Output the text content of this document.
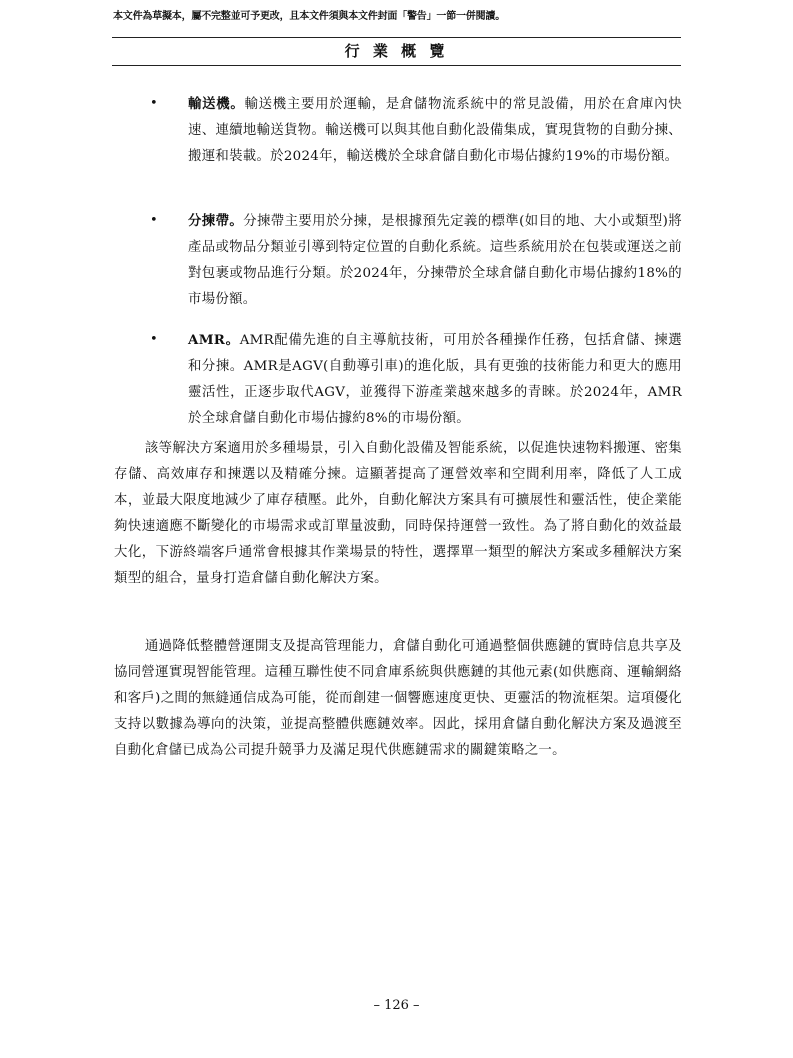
本文件為草擬本，屬不完整並可予更改，且本文件須與本文件封面「警告」一節一併閱讀。
行 業 概 覽
• 輸送機。輸送機主要用於運輸，是倉儲物流系統中的常見設備，用於在倉庫內快速、連續地輸送貨物。輸送機可以與其他自動化設備集成，實現貨物的自動分揀、搬運和裝載。於2024年，輸送機於全球倉儲自動化市場佔據約19%的市場份額。
• 分揀帶。分揀帶主要用於分揀，是根據預先定義的標準(如目的地、大小或類型)將產品或物品分類並引導到特定位置的自動化系統。這些系統用於在包裝或運送之前對包裹或物品進行分類。於2024年，分揀帶於全球倉儲自動化市場佔據約18%的市場份額。
• AMR。AMR配備先進的自主導航技術，可用於各種操作任務，包括倉儲、揀選和分揀。AMR是AGV(自動導引車)的進化版，具有更強的技術能力和更大的應用靈活性，正逐步取代AGV，並獲得下游產業越來越多的青睞。於2024年，AMR於全球倉儲自動化市場佔據約8%的市場份額。

該等解決方案適用於多種場景，引入自動化設備及智能系統，以促進快速物料搬運、密集存儲、高效庫存和揀選以及精確分揀。這顯著提高了運營效率和空間利用率，降低了人工成本，並最大限度地減少了庫存積壓。此外，自動化解決方案具有可擴展性和靈活性，使企業能夠快速適應不斷變化的市場需求或訂單量波動，同時保持運營一致性。為了將自動化的效益最大化，下游終端客戶通常會根據其作業場景的特性，選擇單一類型的解決方案或多種解決方案類型的組合，量身打造倉儲自動化解決方案。

通過降低整體營運開支及提高管理能力，倉儲自動化可通過整個供應鏈的實時信息共享及協同營運實現智能管理。這種互聯性使不同倉庫系統與供應鏈的其他元素(如供應商、運輸網絡和客戶)之間的無縫通信成為可能，從而創建一個響應速度更快、更靈活的物流框架。這項優化支持以數據為導向的決策，並提高整體供應鏈效率。因此，採用倉儲自動化解決方案及過渡至自動化倉儲已成為公司提升競爭力及滿足現代供應鏈需求的關鍵策略之一。

– 126 –
